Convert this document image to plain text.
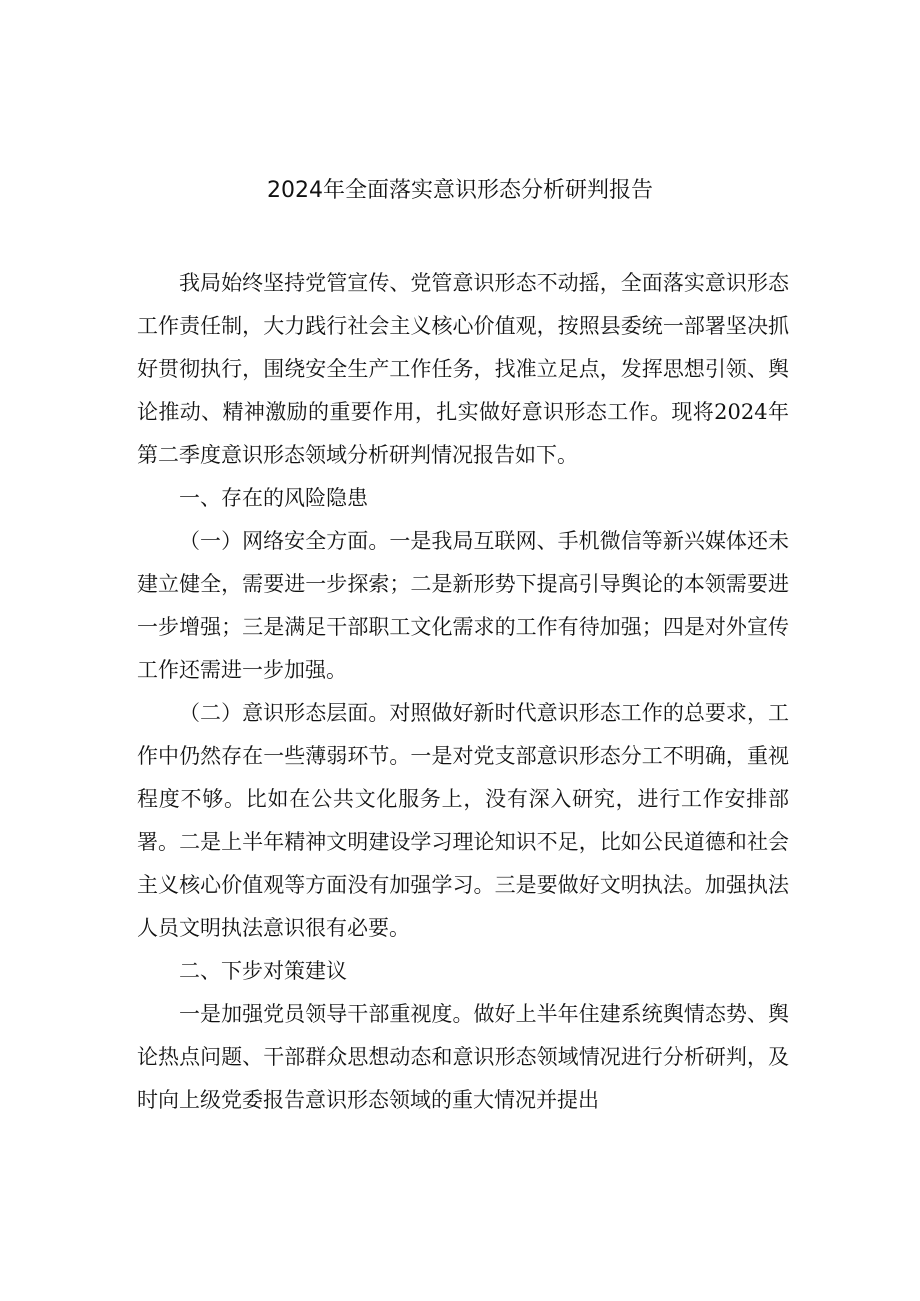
2024年全面落实意识形态分析研判报告

我局始终坚持党管宣传、党管意识形态不动摇，全面落实意识形态工作责任制，大力践行社会主义核心价值观，按照县委统一部署坚决抓好贯彻执行，围绕安全生产工作任务，找准立足点，发挥思想引领、舆论推动、精神激励的重要作用，扎实做好意识形态工作。现将2024年第二季度意识形态领域分析研判情况报告如下。

一、存在的风险隐患

（一）网络安全方面。一是我局互联网、手机微信等新兴媒体还未建立健全，需要进一步探索；二是新形势下提高引导舆论的本领需要进一步增强；三是满足干部职工文化需求的工作有待加强；四是对外宣传工作还需进一步加强。

（二）意识形态层面。对照做好新时代意识形态工作的总要求，工作中仍然存在一些薄弱环节。一是对党支部意识形态分工不明确，重视程度不够。比如在公共文化服务上，没有深入研究，进行工作安排部署。二是上半年精神文明建设学习理论知识不足，比如公民道德和社会主义核心价值观等方面没有加强学习。三是要做好文明执法。加强执法人员文明执法意识很有必要。

二、下步对策建议

一是加强党员领导干部重视度。做好上半年住建系统舆情态势、舆论热点问题、干部群众思想动态和意识形态领域情况进行分析研判，及时向上级党委报告意识形态领域的重大情况并提出
